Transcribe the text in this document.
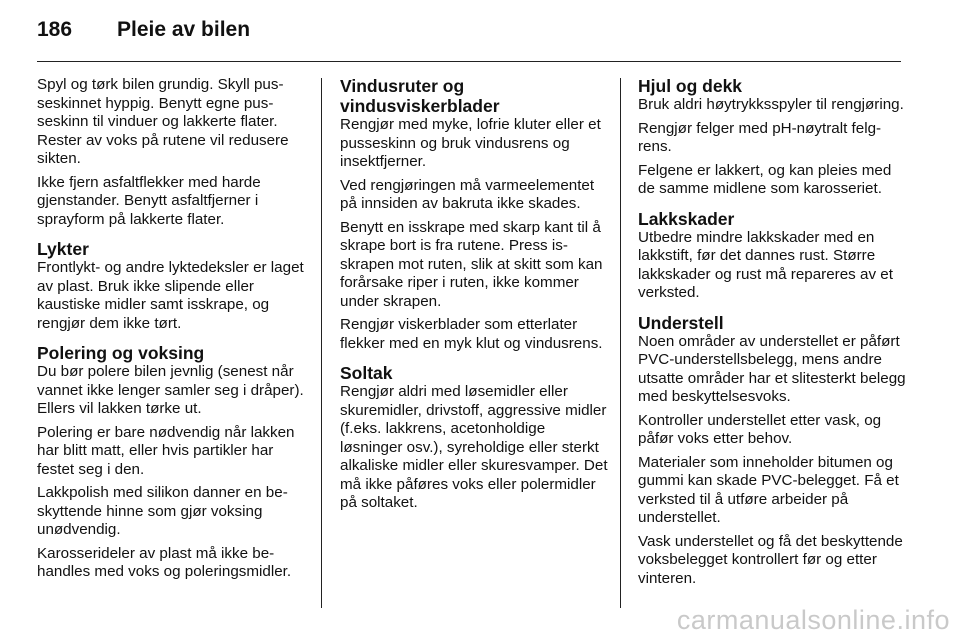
186	Pleie av bilen

Spyl og tørk bilen grundig. Skyll pusseskinnet hyppig. Benytt egne pusseskinn til vinduer og lakkerte flater. Rester av voks på rutene vil redusere sikten.

Ikke fjern asfaltflekker med harde gjenstander. Benytt asfaltfjerner i sprayform på lakkerte flater.

Lykter

Frontlykt- og andre lyktedeksler er laget av plast. Bruk ikke slipende eller kaustiske midler samt isskrape, og rengjør dem ikke tørt.

Polering og voksing

Du bør polere bilen jevnlig (senest når vannet ikke lenger samler seg i dråper). Ellers vil lakken tørke ut.

Polering er bare nødvendig når lakken har blitt matt, eller hvis partikler har festet seg i den.

Lakkpolish med silikon danner en beskyttende hinne som gjør voksing unødvendig.

Karosserideler av plast må ikke behandles med voks og poleringsmidler.

Vindusruter og vindusviskerblader

Rengjør med myke, lofrie kluter eller et pusseskinn og bruk vindusrens og insektfjerner.

Ved rengjøringen må varmeelementet på innsiden av bakruta ikke skades.

Benytt en isskrape med skarp kant til å skrape bort is fra rutene. Press isskrapen mot ruten, slik at skitt som kan forårsake riper i ruten, ikke kommer under skrapen.

Rengjør viskerblader som etterlater flekker med en myk klut og vindusrens.

Soltak

Rengjør aldri med løsemidler eller skuremidler, drivstoff, aggressive midler (f.eks. lakkrens, acetonholdige løsninger osv.), syreholdige eller sterkt alkaliske midler eller skuresvamper. Det må ikke påføres voks eller polermidler på soltaket.

Hjul og dekk

Bruk aldri høytrykksspyler til rengjøring.

Rengjør felger med pH-nøytralt felgrens.

Felgene er lakkert, og kan pleies med de samme midlene som karosseriet.

Lakkskader

Utbedre mindre lakkskader med en lakkstift, før det dannes rust. Større lakkskader og rust må repareres av et verksted.

Understell

Noen områder av understellet er påført PVC-understellsbelegg, mens andre utsatte områder har et slitesterkt belegg med beskyttelsesvoks.

Kontroller understellet etter vask, og påfør voks etter behov.

Materialer som inneholder bitumen og gummi kan skade PVC-belegget. Få et verksted til å utføre arbeider på understellet.

Vask understellet og få det beskyttende voksbelegget kontrollert før og etter vinteren.

carmanualsonline.info
